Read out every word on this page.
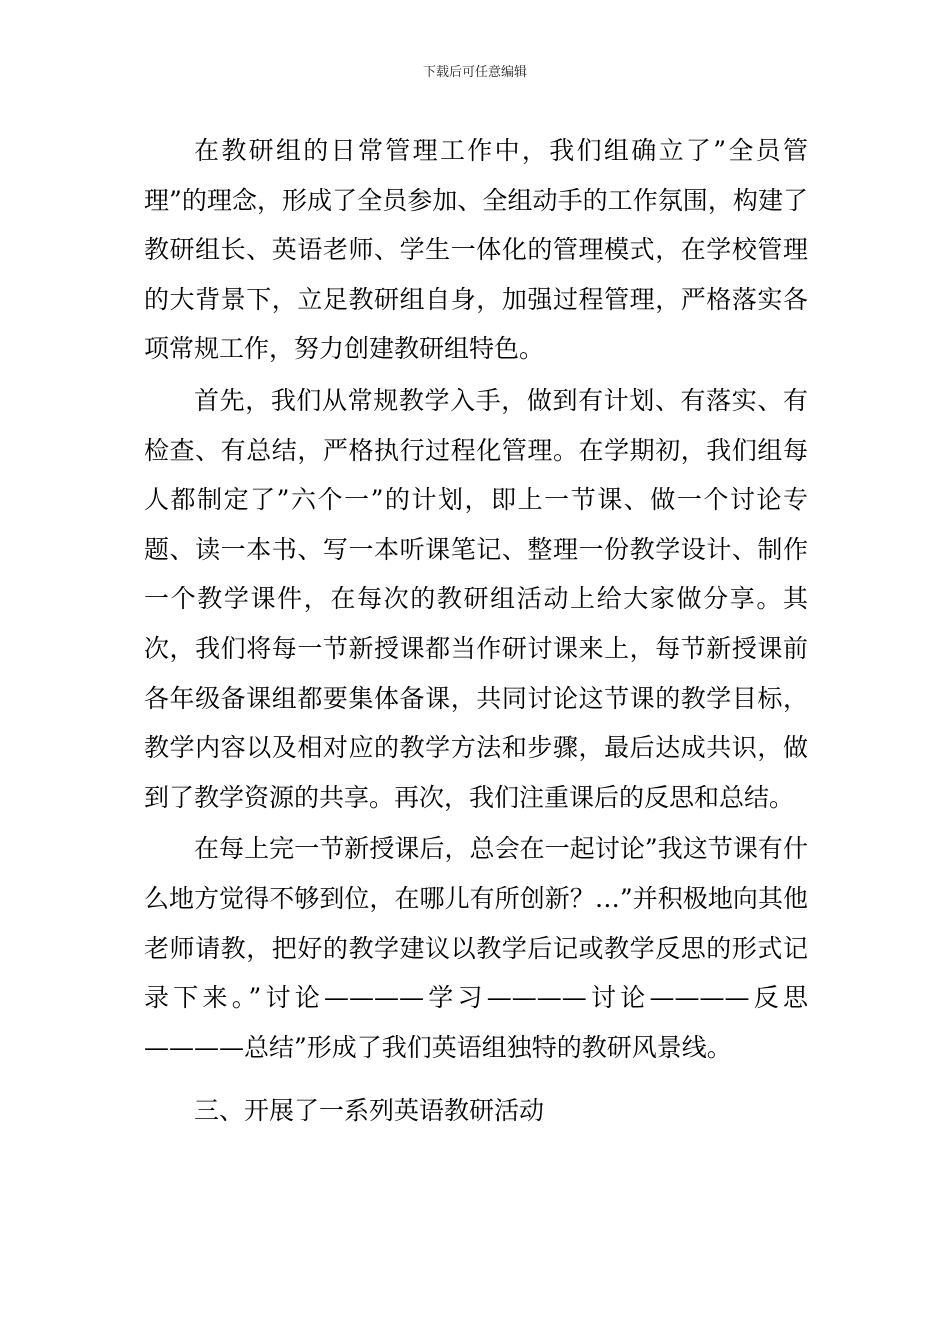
下载后可任意编辑

在教研组的日常管理工作中，我们组确立了”全员管理”的理念，形成了全员参加、全组动手的工作氛围，构建了教研组长、英语老师、学生一体化的管理模式，在学校管理的大背景下，立足教研组自身，加强过程管理，严格落实各项常规工作，努力创建教研组特色。

首先，我们从常规教学入手，做到有计划、有落实、有检查、有总结，严格执行过程化管理。在学期初，我们组每人都制定了”六个一”的计划，即上一节课、做一个讨论专题、读一本书、写一本听课笔记、整理一份教学设计、制作一个教学课件，在每次的教研组活动上给大家做分享。其次，我们将每一节新授课都当作研讨课来上，每节新授课前各年级备课组都要集体备课，共同讨论这节课的教学目标，教学内容以及相对应的教学方法和步骤，最后达成共识，做到了教学资源的共享。再次，我们注重课后的反思和总结。

在每上完一节新授课后，总会在一起讨论”我这节课有什么地方觉得不够到位，在哪儿有所创新？…”并积极地向其他老师请教，把好的教学建议以教学后记或教学反思的形式记录下来。”讨论————学习————讨论————反思————总结”形成了我们英语组独特的教研风景线。

三、开展了一系列英语教研活动
